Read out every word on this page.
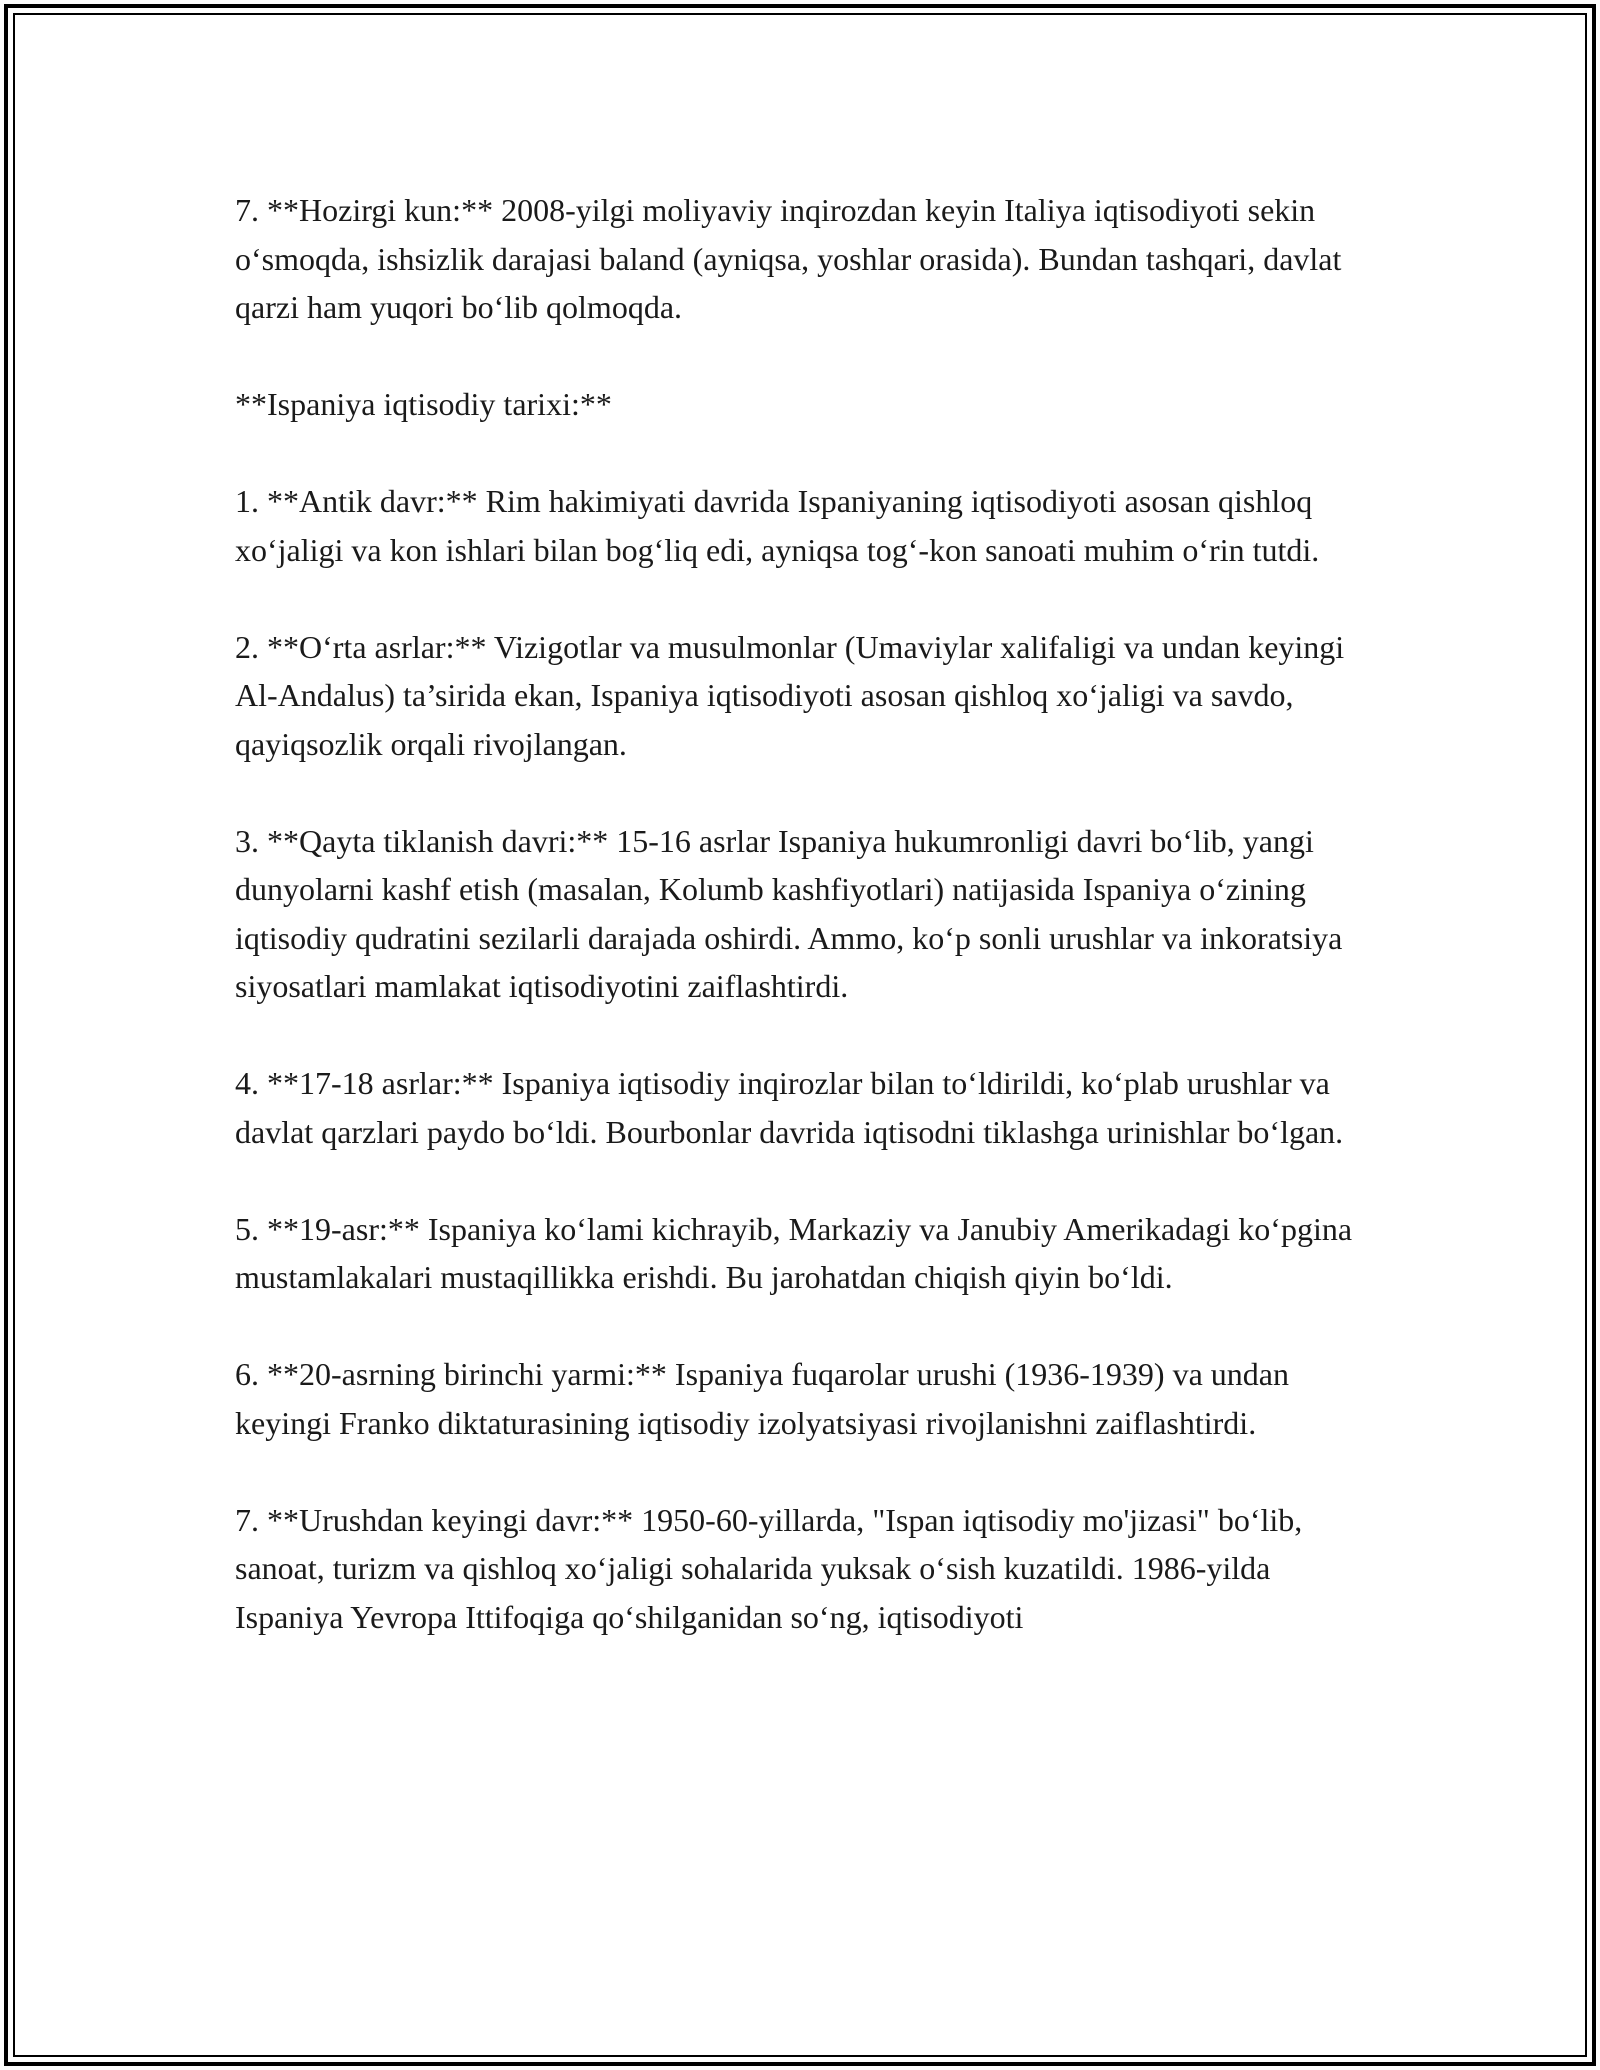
7. **Hozirgi kun:** 2008-yilgi moliyaviy inqirozdan keyin Italiya iqtisodiyoti sekin o‘smoqda, ishsizlik darajasi baland (ayniqsa, yoshlar orasida). Bundan tashqari, davlat qarzi ham yuqori bo‘lib qolmoqda.

**Ispaniya iqtisodiy tarixi:**

1. **Antik davr:** Rim hakimiyati davrida Ispaniyaning iqtisodiyoti asosan qishloq xo‘jaligi va kon ishlari bilan bog‘liq edi, ayniqsa tog‘-kon sanoati muhim o‘rin tutdi.

2. **O‘rta asrlar:** Vizigotlar va musulmonlar (Umaviylar xalifaligi va undan keyingi Al-Andalus) ta’sirida ekan, Ispaniya iqtisodiyoti asosan qishloq xo‘jaligi va savdo, qayiqsozlik orqali rivojlangan.

3. **Qayta tiklanish davri:** 15-16 asrlar Ispaniya hukumronligi davri bo‘lib, yangi dunyolarni kashf etish (masalan, Kolumb kashfiyotlari) natijasida Ispaniya o‘zining iqtisodiy qudratini sezilarli darajada oshirdi. Ammo, ko‘p sonli urushlar va inkoratsiya siyosatlari mamlakat iqtisodiyotini zaiflashtirdi.

4. **17-18 asrlar:** Ispaniya iqtisodiy inqirozlar bilan to‘ldirildi, ko‘plab urushlar va davlat qarzlari paydo bo‘ldi. Bourbonlar davrida iqtisodni tiklashga urinishlar bo‘lgan.

5. **19-asr:** Ispaniya ko‘lami kichrayib, Markaziy va Janubiy Amerikadagi ko‘pgina mustamlakalari mustaqillikka erishdi. Bu jarohatdan chiqish qiyin bo‘ldi.

6. **20-asrning birinchi yarmi:** Ispaniya fuqarolar urushi (1936-1939) va undan keyingi Franko diktaturasining iqtisodiy izolyatsiyasi rivojlanishni zaiflashtirdi.

7. **Urushdan keyingi davr:** 1950-60-yillarda, "Ispan iqtisodiy mo'jizasi" bo‘lib, sanoat, turizm va qishloq xo‘jaligi sohalarida yuksak o‘sish kuzatildi. 1986-yilda Ispaniya Yevropa Ittifoqiga qo‘shilganidan so‘ng, iqtisodiyoti
